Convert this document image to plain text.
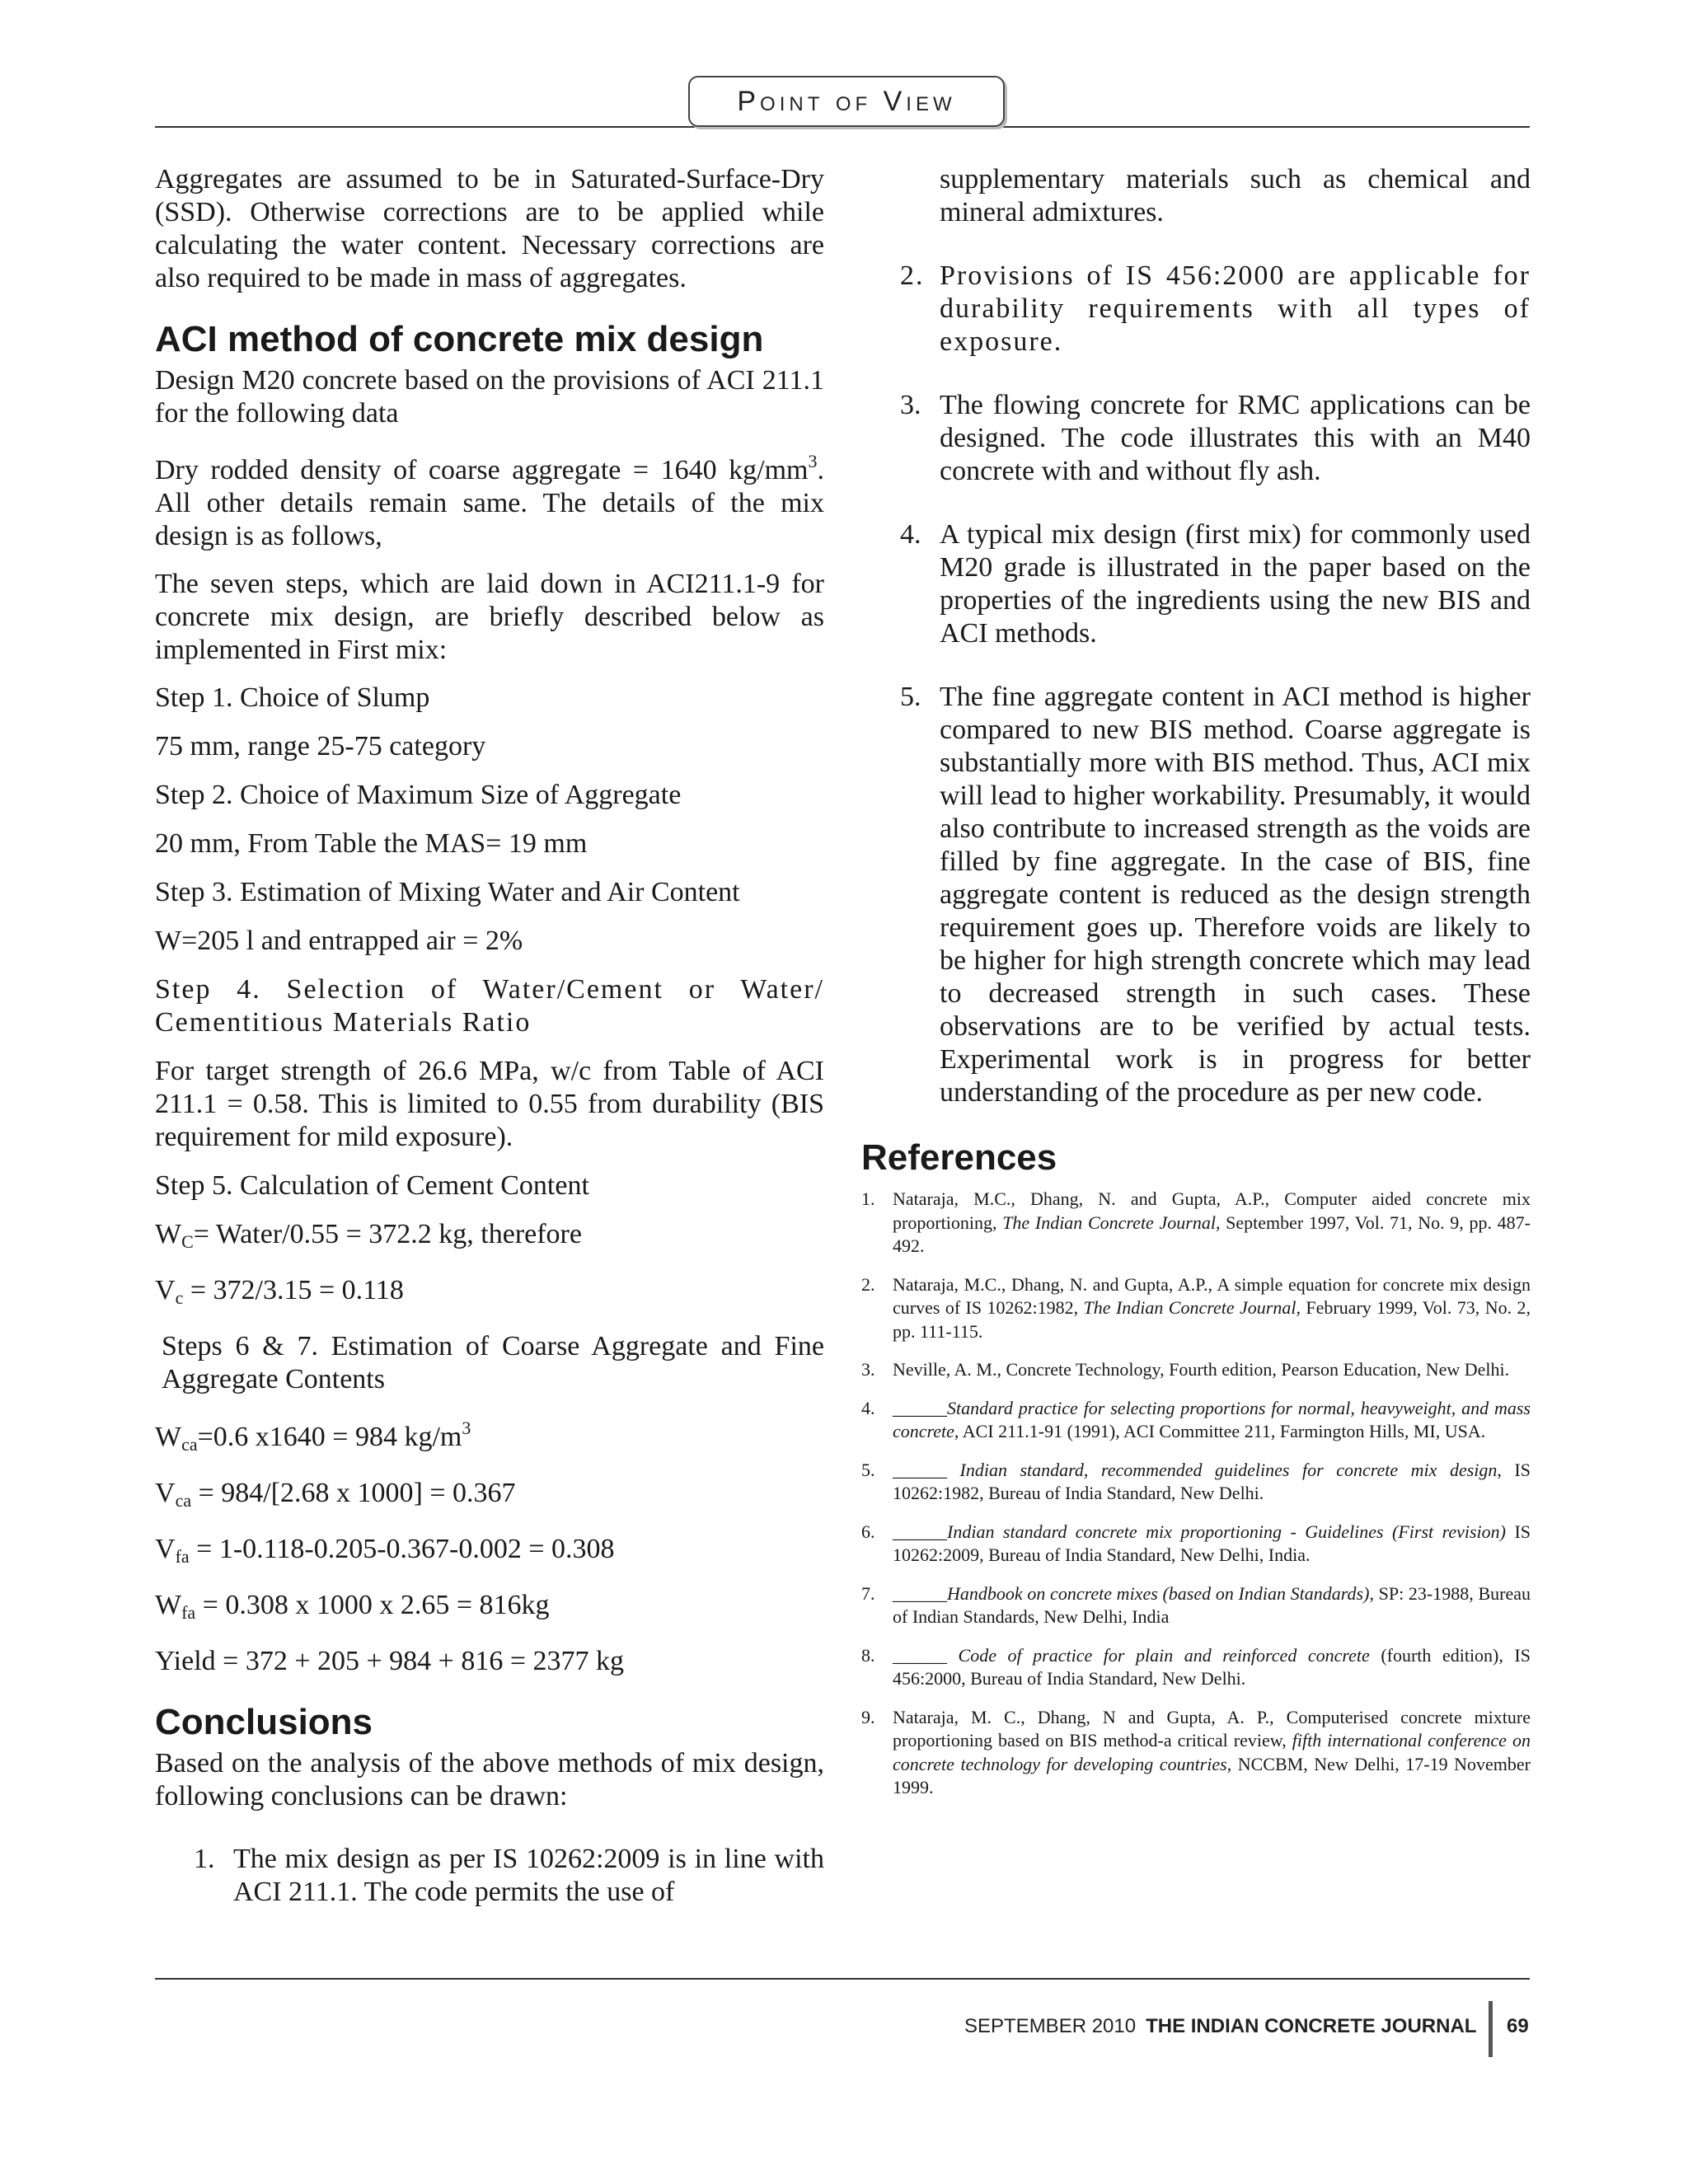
Point of View

Aggregates are assumed to be in Saturated-Surface-Dry (SSD). Otherwise corrections are to be applied while calculating the water content. Necessary corrections are also required to be made in mass of aggregates.

ACI method of concrete mix design

Design M20 concrete based on the provisions of ACI 211.1 for the following data

Dry rodded density of coarse aggregate = 1640 $kg/mm^3$. All other details remain same. The details of the mix design is as follows,

The seven steps, which are laid down in ACI211.1-9 for concrete mix design, are briefly described below as implemented in First mix:

Step 1. Choice of Slump

75 mm, range 25-75 category

Step 2. Choice of Maximum Size of Aggregate

20 mm, From Table the MAS= 19 mm

Step 3. Estimation of Mixing Water and Air Content

W=205 l and entrapped air = 2%

Step 4. Selection of Water/Cement or Water/ Cementitious Materials Ratio

For target strength of 26.6 MPa, w/c from Table of ACI 211.1 = 0.58. This is limited to 0.55 from durability (BIS requirement for mild exposure).

Step 5. Calculation of Cement Content

$W_C=$ Water/0.55 = 372.2 kg, therefore

$V_c = 372/3.15 = 0.118$

Steps 6 & 7. Estimation of Coarse Aggregate and Fine Aggregate Contents

$W_{ca}=0.6$ x1640 = 984 $kg/m^3$

$V_{ca} = 984/[2.68$ x 1000] = 0.367

$V_{fa} = 1-0.118-0.205-0.367-0.002 = 0.308$

$W_{fa} = 0.308$ x 1000 x 2.65 = 816kg

Yield = 372 + 205 + 984 + 816 = 2377 kg

Conclusions

Based on the analysis of the above methods of mix design, following conclusions can be drawn:

1. The mix design as per IS 10262:2009 is in line with ACI 211.1. The code permits the use of
supplementary materials such as chemical and mineral admixtures.
2. Provisions of IS 456:2000 are applicable for durability requirements with all types of exposure.
3. The flowing concrete for RMC applications can be designed. The code illustrates this with an M40 concrete with and without fly ash.
4. A typical mix design (first mix) for commonly used M20 grade is illustrated in the paper based on the properties of the ingredients using the new BIS and ACI methods.
5. The fine aggregate content in ACI method is higher compared to new BIS method. Coarse aggregate is substantially more with BIS method. Thus, ACI mix will lead to higher workability. Presumably, it would also contribute to increased strength as the voids are filled by fine aggregate. In the case of BIS, fine aggregate content is reduced as the design strength requirement goes up. Therefore voids are likely to be higher for high strength concrete which may lead to decreased strength in such cases. These observations are to be verified by actual tests. Experimental work is in progress for better understanding of the procedure as per new code.
References
1. Nataraja, M.C., Dhang, N. and Gupta, A.P., Computer aided concrete mix proportioning, The Indian Concrete Journal, September 1997, Vol. 71, No. 9, pp. 487-492.
2. Nataraja, M.C., Dhang, N. and Gupta, A.P., A simple equation for concrete mix design curves of IS 10262:1982, The Indian Concrete Journal, February 1999, Vol. 73, No. 2, pp. 111-115.
3. Neville, A. M., Concrete Technology, Fourth edition, Pearson Education, New Delhi.
4. ______Standard practice for selecting proportions for normal, heavyweight, and mass concrete, ACI 211.1-91 (1991), ACI Committee 211, Farmington Hills, MI, USA.
5. ______ Indian standard, recommended guidelines for concrete mix design, IS 10262:1982, Bureau of India Standard, New Delhi.
6. ______Indian standard concrete mix proportioning - Guidelines (First revision) IS 10262:2009, Bureau of India Standard, New Delhi, India.
7. ______Handbook on concrete mixes (based on Indian Standards), SP: 23-1988, Bureau of Indian Standards, New Delhi, India
8. ______ Code of practice for plain and reinforced concrete (fourth edition), IS 456:2000, Bureau of India Standard, New Delhi.
9. Nataraja, M. C., Dhang, N and Gupta, A. P., Computerised concrete mixture proportioning based on BIS method-a critical review, fifth international conference on concrete technology for developing countries, NCCBM, New Delhi, 17-19 November 1999.
SEPTEMBER 2010 THE INDIAN CONCRETE JOURNAL 69
